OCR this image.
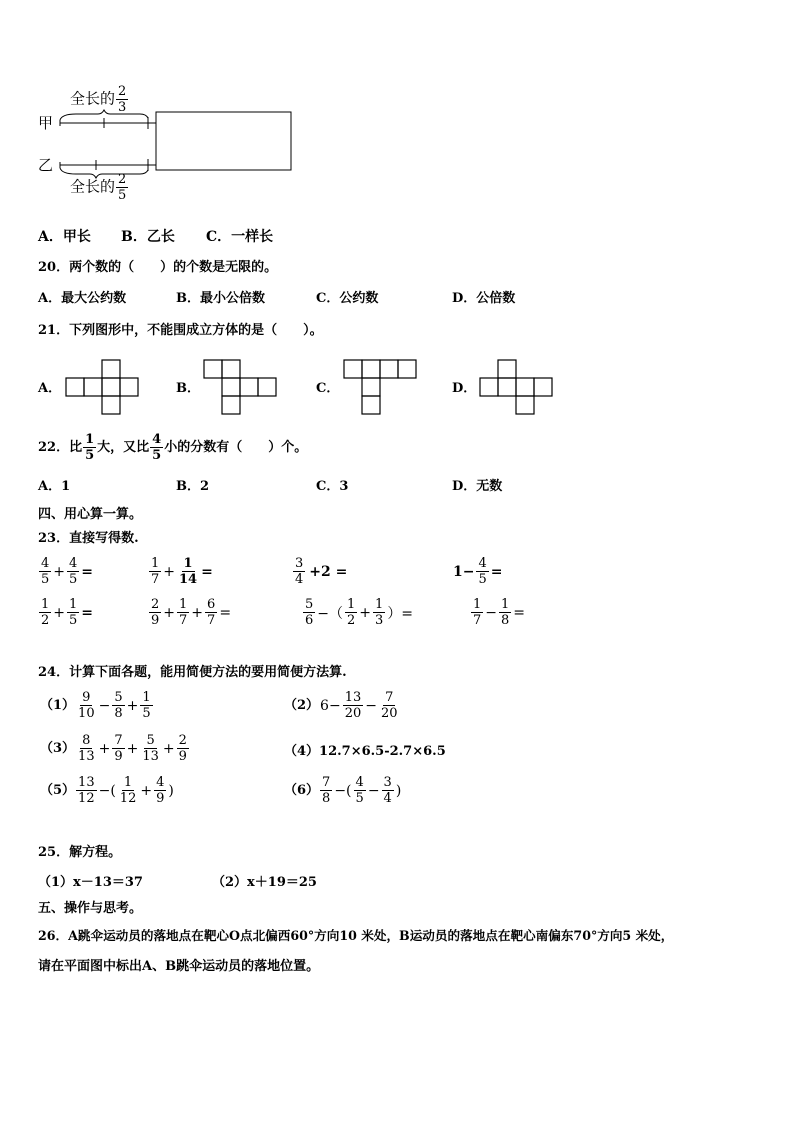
全长的 $\frac{2}{3}$
甲
乙
全长的 $\frac{2}{5}$
A．甲长 B．乙长 C．一样长
20．两个数的（　　）的个数是无限的。
A．最大公约数	B．最小公倍数	C．公约数	D．公倍数
21．下列图形中，不能围成立方体的是（　　）。
A．	B．	C．	D．
22．比 $\frac{1}{5}$ 大，又比 $\frac{4}{5}$ 小的分数有（　　）个。
A．1	B．2	C．3	D．无数
四、用心算一算。
23．直接写得数.
$\frac{4}{5} + \frac{4}{5}$ =	$\frac{1}{7} + \frac{1}{14}$ =	$\frac{3}{4} +2$ =	$1- \frac{4}{5}$ =
$\frac{1}{2} + \frac{1}{5}$ =	$\frac{2}{9} + \frac{1}{7} + \frac{6}{7}$ =	$\frac{5}{6}$ −（ $\frac{1}{2} + \frac{1}{3}$ ）=	$\frac{1}{7} - \frac{1}{8}$ =
24．计算下面各题，能用简便方法的要用简便方法算.
$(1) \frac{9}{10} - \frac{5}{8} + \frac{1}{5}$	（2） $6- \frac{13}{20} - \frac{7}{20}$
$(3) \frac{8}{13} + \frac{7}{9} + \frac{5}{13} + \frac{2}{9}$	（4） 12.7×6.5-2.7×6.5
$(5) \frac{13}{12}$ −( $\frac{1}{12} + \frac{4}{9}$ )	$(6) \frac{7}{8}$ −( $\frac{4}{5} - \frac{3}{4}$ )
25．解方程。
（1）x－13＝37	（2）x＋19＝25
五、操作与思考。
26．A跳伞运动员的落地点在靶心O点北偏西60°方向10 米处，B运动员的落地点在靶心南偏东70°方向5 米处，
请在平面图中标出A、B跳伞运动员的落地位置。
